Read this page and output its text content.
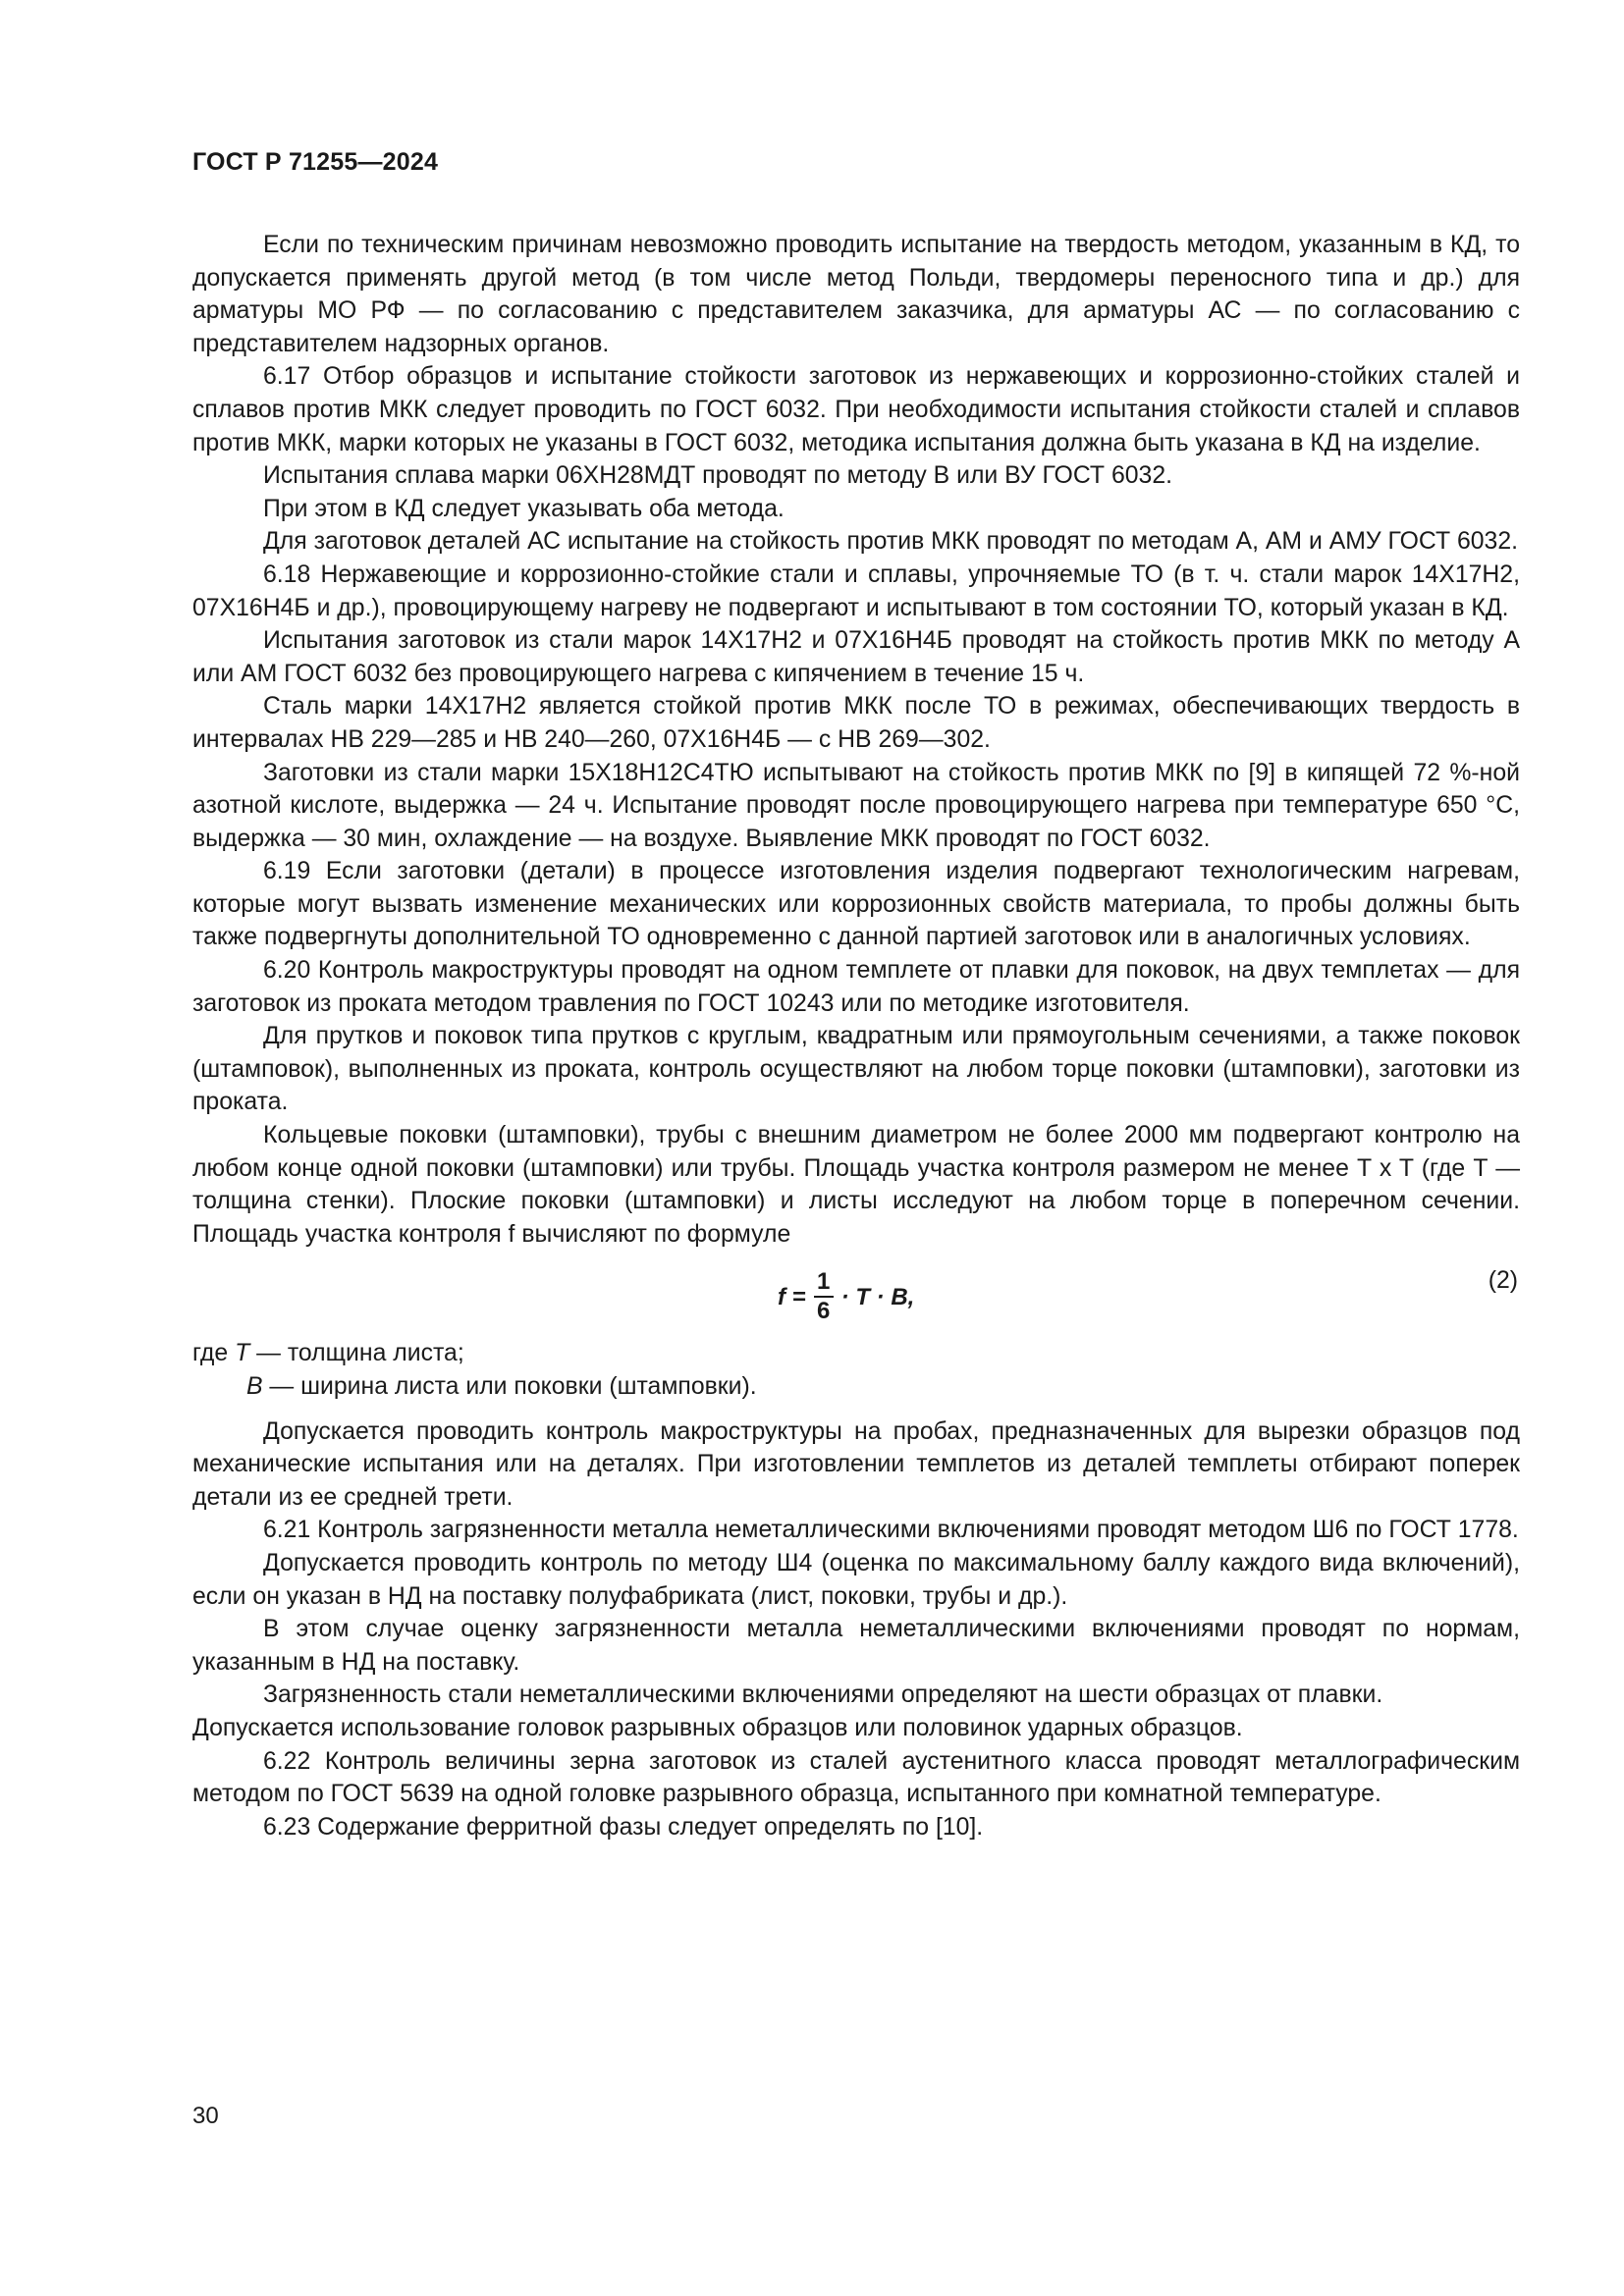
ГОСТ Р 71255—2024

Если по техническим причинам невозможно проводить испытание на твердость методом, указанным в КД, то допускается применять другой метод (в том числе метод Польди, твердомеры переносного типа и др.) для арматуры МО РФ — по согласованию с представителем заказчика, для арматуры АС — по согласованию с представителем надзорных органов.

6.17 Отбор образцов и испытание стойкости заготовок из нержавеющих и коррозионно-стойких сталей и сплавов против МКК следует проводить по ГОСТ 6032. При необходимости испытания стойкости сталей и сплавов против МКК, марки которых не указаны в ГОСТ 6032, методика испытания должна быть указана в КД на изделие.

Испытания сплава марки 06ХН28МДТ проводят по методу В или ВУ ГОСТ 6032.

При этом в КД следует указывать оба метода.

Для заготовок деталей АС испытание на стойкость против МКК проводят по методам А, АМ и АМУ ГОСТ 6032.

6.18 Нержавеющие и коррозионно-стойкие стали и сплавы, упрочняемые ТО (в т. ч. стали марок 14Х17Н2, 07Х16Н4Б и др.), провоцирующему нагреву не подвергают и испытывают в том состоянии ТО, который указан в КД.

Испытания заготовок из стали марок 14Х17Н2 и 07Х16Н4Б проводят на стойкость против МКК по методу А или АМ ГОСТ 6032 без провоцирующего нагрева с кипячением в течение 15 ч.

Сталь марки 14Х17Н2 является стойкой против МКК после ТО в режимах, обеспечивающих твердость в интервалах НВ 229—285 и НВ 240—260, 07Х16Н4Б — с НВ 269—302.

Заготовки из стали марки 15Х18Н12С4ТЮ испытывают на стойкость против МКК по [9] в кипящей 72 %-ной азотной кислоте, выдержка — 24 ч. Испытание проводят после провоцирующего нагрева при температуре 650 °С, выдержка — 30 мин, охлаждение — на воздухе. Выявление МКК проводят по ГОСТ 6032.

6.19 Если заготовки (детали) в процессе изготовления изделия подвергают технологическим нагревам, которые могут вызвать изменение механических или коррозионных свойств материала, то пробы должны быть также подвергнуты дополнительной ТО одновременно с данной партией заготовок или в аналогичных условиях.

6.20 Контроль макроструктуры проводят на одном темплете от плавки для поковок, на двух темплетах — для заготовок из проката методом травления по ГОСТ 10243 или по методике изготовителя.

Для прутков и поковок типа прутков с круглым, квадратным или прямоугольным сечениями, а также поковок (штамповок), выполненных из проката, контроль осуществляют на любом торце поковки (штамповки), заготовки из проката.

Кольцевые поковки (штамповки), трубы с внешним диаметром не более 2000 мм подвергают контролю на любом конце одной поковки (штамповки) или трубы. Площадь участка контроля размером не менее T x T (где T — толщина стенки). Плоские поковки (штамповки) и листы исследуют на любом торце в поперечном сечении. Площадь участка контроля f вычисляют по формуле

$f = \frac{1}{6} \cdot T \cdot B$,
(2)
где
T — толщина листа;
B — ширина листа или поковки (штамповки).

Допускается проводить контроль макроструктуры на пробах, предназначенных для вырезки образцов под механические испытания или на деталях. При изготовлении темплетов из деталей темплеты отбирают поперек детали из ее средней трети.

6.21 Контроль загрязненности металла неметаллическими включениями проводят методом Ш6 по ГОСТ 1778.

Допускается проводить контроль по методу Ш4 (оценка по максимальному баллу каждого вида включений), если он указан в НД на поставку полуфабриката (лист, поковки, трубы и др.).

В этом случае оценку загрязненности металла неметаллическими включениями проводят по нормам, указанным в НД на поставку.

Загрязненность стали неметаллическими включениями определяют на шести образцах от плавки.

Допускается использование головок разрывных образцов или половинок ударных образцов.

6.22 Контроль величины зерна заготовок из сталей аустенитного класса проводят металлографическим методом по ГОСТ 5639 на одной головке разрывного образца, испытанного при комнатной температуре.

6.23 Содержание ферритной фазы следует определять по [10].

30
